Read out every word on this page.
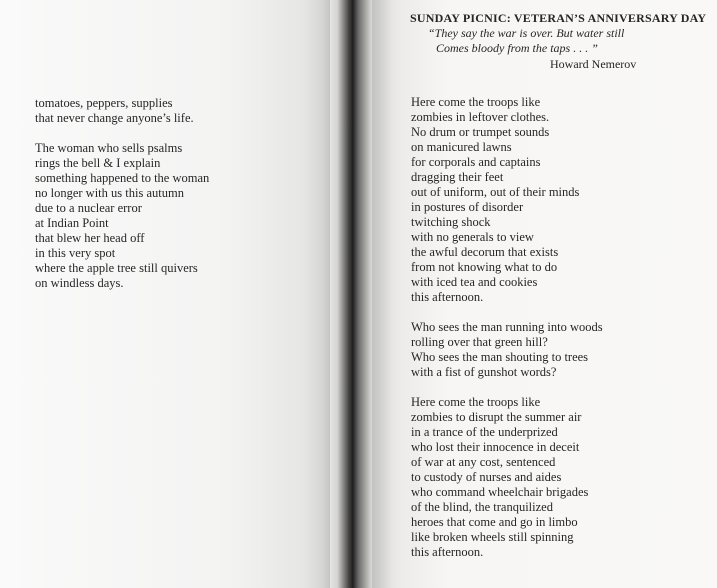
tomatoes, peppers, supplies
that never change anyone’s life.
The woman who sells psalms
rings the bell & I explain
something happened to the woman
no longer with us this autumn
due to a nuclear error
at Indian Point
that blew her head off
in this very spot
where the apple tree still quivers
on windless days.
SUNDAY PICNIC: VETERAN’S ANNIVERSARY DAY
“They say the war is over. But water still
Comes bloody from the taps . . . ”
Howard Nemerov
Here come the troops like
zombies in leftover clothes.
No drum or trumpet sounds
on manicured lawns
for corporals and captains
dragging their feet
out of uniform, out of their minds
in postures of disorder
twitching shock
with no generals to view
the awful decorum that exists
from not knowing what to do
with iced tea and cookies
this afternoon.
Who sees the man running into woods
rolling over that green hill?
Who sees the man shouting to trees
with a fist of gunshot words?
Here come the troops like
zombies to disrupt the summer air
in a trance of the underprized
who lost their innocence in deceit
of war at any cost, sentenced
to custody of nurses and aides
who command wheelchair brigades
of the blind, the tranquilized
heroes that come and go in limbo
like broken wheels still spinning
this afternoon.
